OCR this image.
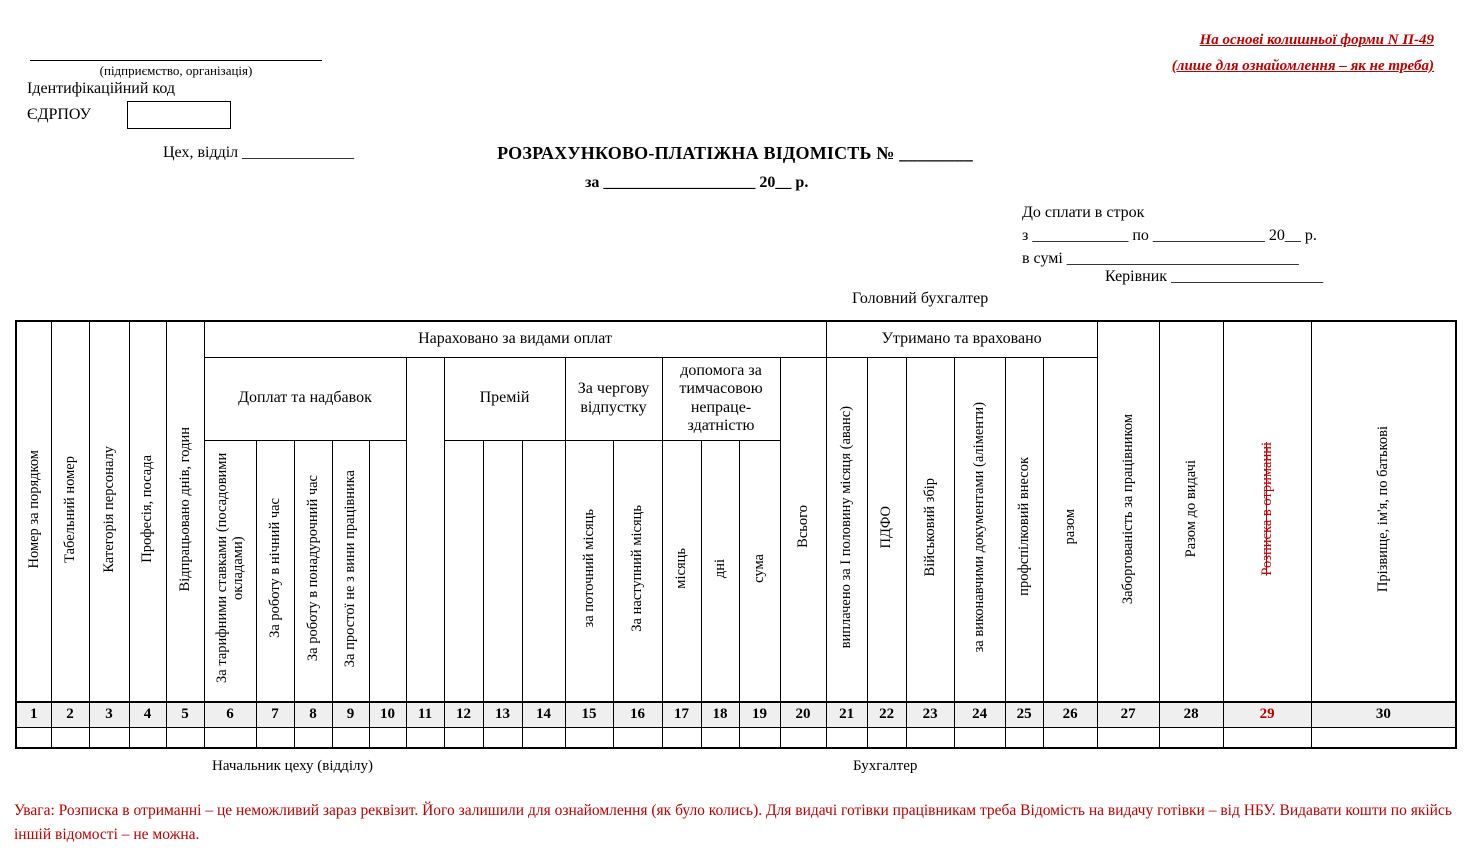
(підприємство, організація)
Ідентифікаційний код
ЄДРПОУ
Цех, відділ ______________	РОЗРАХУНКОВО-ПЛАТІЖНА ВІДОМІСТЬ № ________
за ___________________ 20__ р.
На основі колишньої форми N П-49
(лише для ознайомлення – як не треба)
До сплати в строк
з ____________ по ______________ 20__ р.
в сумі _____________________________
Керівник ___________________
Головний бухгалтер
Номер за порядком	Табельний номер	Категорія персоналу	Професія, посада	Відпрацьовано днів, годин	Нараховано за видами оплат															Утримано та враховано						Заборгованість за працівником	Разом до видачі	Розписка в отриманні	Прізвище, ім'я, по батькові
					Доплат та надбавок						Премій			За чергову відпустку		допомога за тимчасовою непраце- здатністю			Всього	виплачено за I половину місяця (аванс)	ПДФО	Військовий збір	за виконавчими документами (аліменти)	профспілковий внесок	разом				
					За тарифними ставками (посадовими окладами)	За роботу в нічний час	За роботу в понадурочний час	За простої не з вини працівника						за поточний місяць	За наступний місяць	місяць	дні	сума											
1	2	3	4	5	6	7	8	9	10	11	12	13	14	15	16	17	18	19	20	21	22	23	24	25	26	27	28	29	30

Начальник цеху (відділу)	Бухгалтер
Увага: Розписка в отриманні – це неможливий зараз реквізит. Його залишили для ознайомлення (як було колись). Для видачі готівки працівникам треба Відомість на видачу готівки – від НБУ. Видавати кошти по якійсь іншій відомості – не можна.
